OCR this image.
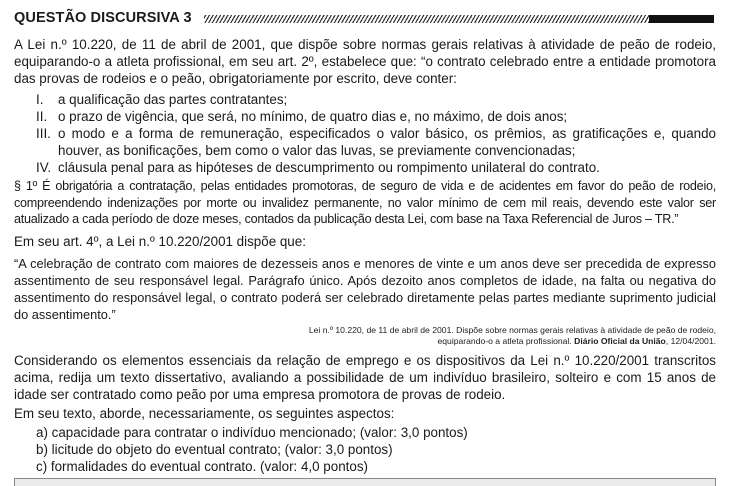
QUESTÃO DISCURSIVA 3

A Lei n.º 10.220, de 11 de abril de 2001, que dispõe sobre normas gerais relativas à atividade de peão de rodeio, equiparando-o a atleta profissional, em seu art. 2º, estabelece que: “o contrato celebrado entre a entidade promotora das provas de rodeios e o peão, obrigatoriamente por escrito, deve conter:

I. a qualificação das partes contratantes;
II. o prazo de vigência, que será, no mínimo, de quatro dias e, no máximo, de dois anos;
III. o modo e a forma de remuneração, especificados o valor básico, os prêmios, as gratificações e, quando houver, as bonificações, bem como o valor das luvas, se previamente convencionadas;
IV. cláusula penal para as hipóteses de descumprimento ou rompimento unilateral do contrato.

§ 1º É obrigatória a contratação, pelas entidades promotoras, de seguro de vida e de acidentes em favor do peão de rodeio, compreendendo indenizações por morte ou invalidez permanente, no valor mínimo de cem mil reais, devendo este valor ser atualizado a cada período de doze meses, contados da publicação desta Lei, com base na Taxa Referencial de Juros – TR.”

Em seu art. 4º, a Lei n.º 10.220/2001 dispõe que:

“A celebração de contrato com maiores de dezesseis anos e menores de vinte e um anos deve ser precedida de expresso assentimento de seu responsável legal. Parágrafo único. Após dezoito anos completos de idade, na falta ou negativa do assentimento do responsável legal, o contrato poderá ser celebrado diretamente pelas partes mediante suprimento judicial do assentimento.”

Lei n.º 10.220, de 11 de abril de 2001. Dispõe sobre normas gerais relativas à atividade de peão de rodeio,
equiparando-o a atleta profissional. Diário Oficial da União, 12/04/2001.

Considerando os elementos essenciais da relação de emprego e os dispositivos da Lei n.º 10.220/2001 transcritos acima, redija um texto dissertativo, avaliando a possibilidade de um indivíduo brasileiro, solteiro e com 15 anos de idade ser contratado como peão por uma empresa promotora de provas de rodeio.

Em seu texto, aborde, necessariamente, os seguintes aspectos:

a) capacidade para contratar o indivíduo mencionado; (valor: 3,0 pontos)
b) licitude do objeto do eventual contrato; (valor: 3,0 pontos)
c) formalidades do eventual contrato. (valor: 4,0 pontos)
